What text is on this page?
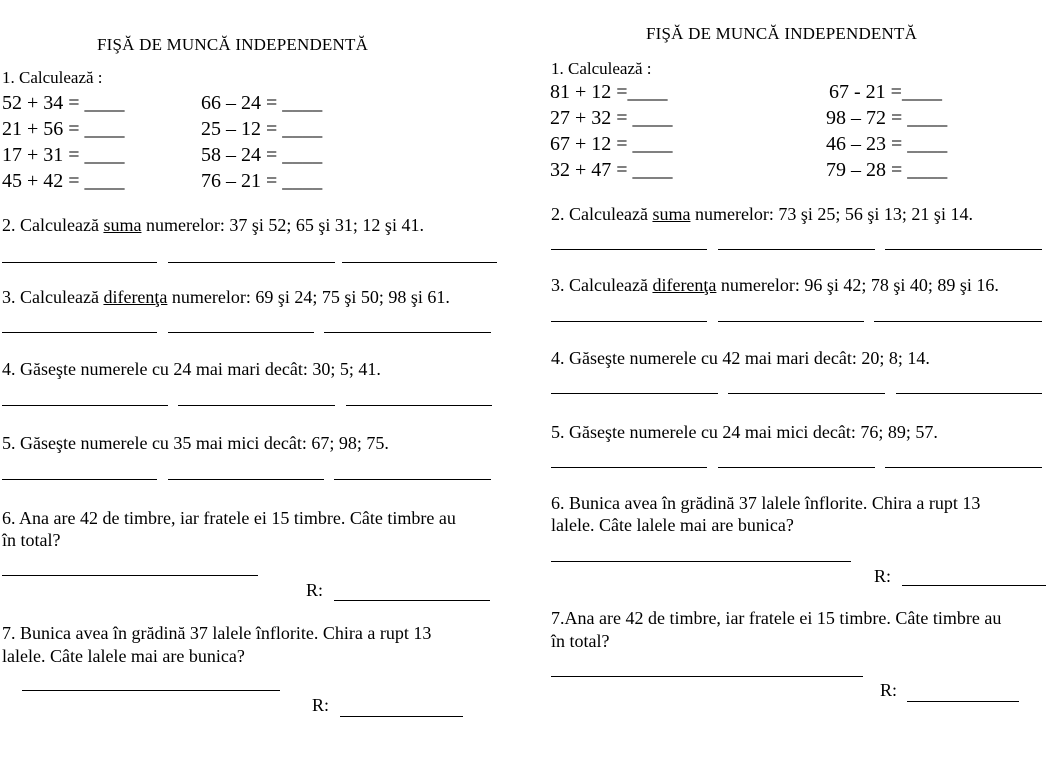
FIŞĂ DE MUNCĂ INDEPENDENTĂ
1. Calculează :
52 + 34 = ____
21 + 56 = ____
17 + 31 = ____
45 + 42 = ____
66 – 24 = ____
25 – 12 = ____
58 – 24 = ____
76 – 21 = ____
2. Calculează suma numerelor: 37 şi 52; 65 şi 31; 12 şi 41.
3. Calculează diferenţa numerelor: 69 şi 24; 75 şi 50; 98 şi 61.
4. Găseşte numerele cu 24 mai mari decât: 30; 5; 41.
5. Găseşte numerele cu 35 mai mici decât: 67; 98; 75.
6. Ana are 42 de timbre, iar fratele ei 15 timbre. Câte timbre au
în total?
R:
7. Bunica avea în grădină 37 lalele înflorite. Chira a rupt 13
lalele. Câte lalele mai are bunica?
R:
FIŞĂ DE MUNCĂ INDEPENDENTĂ
1. Calculează :
81 + 12 =____
27 + 32 = ____
67 + 12 = ____
32 + 47 = ____
67 - 21 =____
98 – 72 = ____
46 – 23 = ____
79 – 28 = ____
2. Calculează suma numerelor: 73 şi 25; 56 şi 13; 21 şi 14.
3. Calculează diferenţa numerelor: 96 şi 42; 78 şi 40; 89 şi 16.
4. Găseşte numerele cu 42 mai mari decât: 20; 8; 14.
5. Găseşte numerele cu 24 mai mici decât: 76; 89; 57.
6. Bunica avea în grădină 37 lalele înflorite. Chira a rupt 13
lalele. Câte lalele mai are bunica?
R:
7.Ana are 42 de timbre, iar fratele ei 15 timbre. Câte timbre au
în total?
R:
